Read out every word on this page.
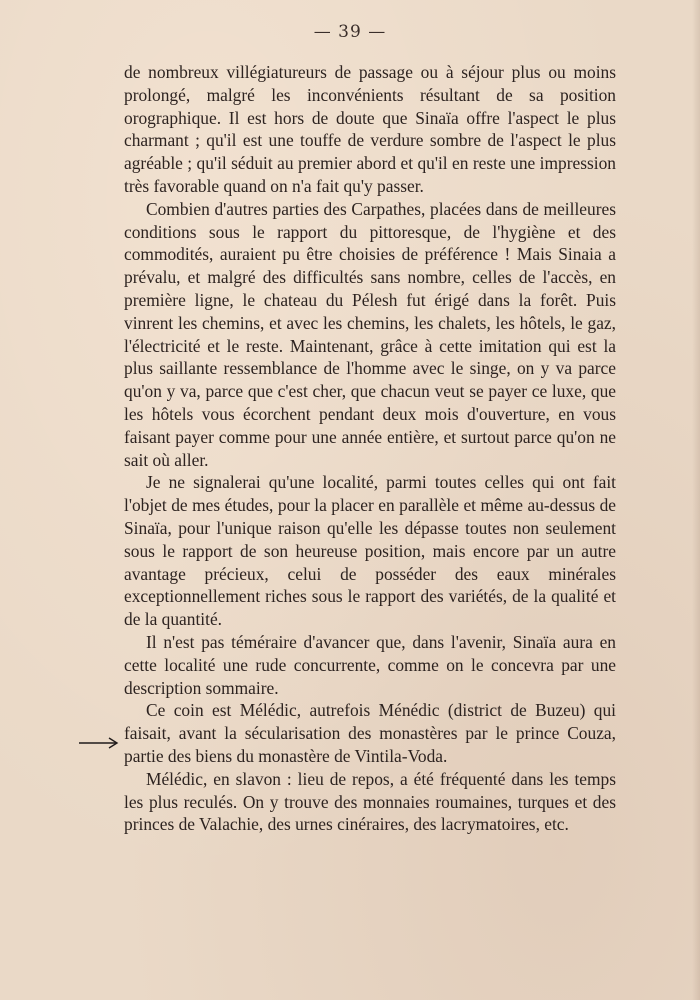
— 39 —

de nombreux villégiatureurs de passage ou à séjour plus ou moins prolongé, malgré les inconvénients résultant de sa position orographique. Il est hors de doute que Sinaïa offre l'aspect le plus charmant ; qu'il est une touffe de verdure sombre de l'aspect le plus agréable ; qu'il séduit au premier abord et qu'il en reste une impression très favorable quand on n'a fait qu'y passer.

Combien d'autres parties des Carpathes, placées dans de meilleures conditions sous le rapport du pittoresque, de l'hygiène et des commodités, auraient pu être choisies de préférence ! Mais Sinaia a prévalu, et malgré des difficultés sans nombre, celles de l'accès, en première ligne, le chateau du Pélesh fut érigé dans la forêt. Puis vinrent les chemins, et avec les chemins, les chalets, les hôtels, le gaz, l'électricité et le reste. Maintenant, grâce à cette imitation qui est la plus saillante ressemblance de l'homme avec le singe, on y va parce qu'on y va, parce que c'est cher, que chacun veut se payer ce luxe, que les hôtels vous écorchent pendant deux mois d'ouverture, en vous faisant payer comme pour une année entière, et surtout parce qu'on ne sait où aller.

Je ne signalerai qu'une localité, parmi toutes celles qui ont fait l'objet de mes études, pour la placer en parallèle et même au-dessus de Sinaïa, pour l'unique raison qu'elle les dépasse toutes non seulement sous le rapport de son heureuse position, mais encore par un autre avantage précieux, celui de posséder des eaux minérales exceptionnellement riches sous le rapport des variétés, de la qualité et de la quantité.

Il n'est pas téméraire d'avancer que, dans l'avenir, Sinaïa aura en cette localité une rude concurrente, comme on le concevra par une description sommaire.

Ce coin est Mélédic, autrefois Ménédic (district de Buzeu) qui faisait, avant la sécularisation des monastères par le prince Couza, partie des biens du monastère de Vintila-Voda.

Mélédic, en slavon : lieu de repos, a été fréquenté dans les temps les plus reculés. On y trouve des monnaies roumaines, turques et des princes de Valachie, des urnes cinéraires, des lacrymatoires, etc.
